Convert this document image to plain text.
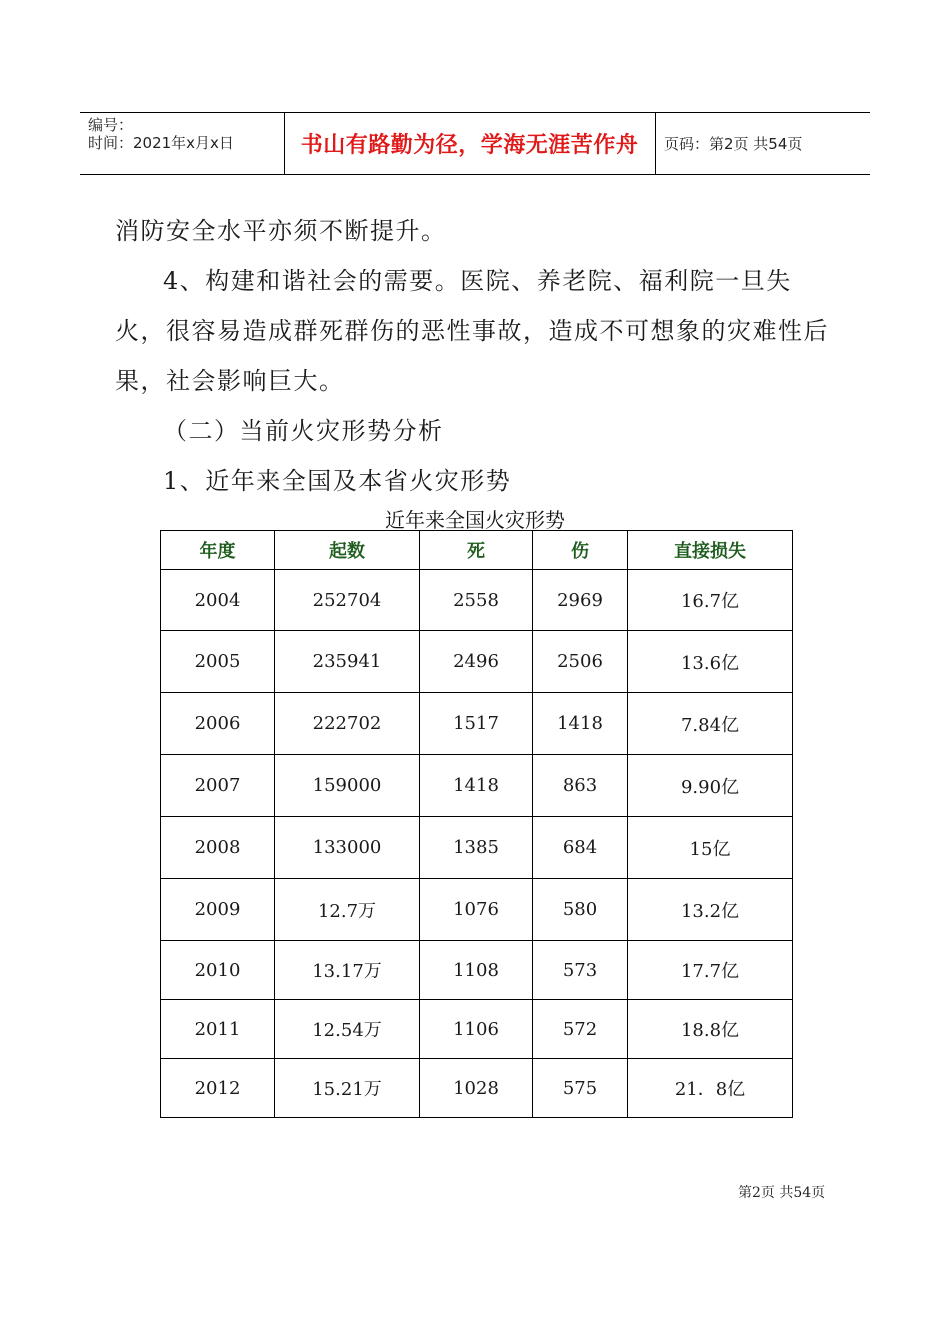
编号：
时间：2021年x月x日	书山有路勤为径，学海无涯苦作舟	页码：第2页 共54页
消防安全水平亦须不断提升。
4、构建和谐社会的需要。医院、养老院、福利院一旦失火，很容易造成群死群伤的恶性事故，造成不可想象的灾难性后果，社会影响巨大。
（二）当前火灾形势分析
1、近年来全国及本省火灾形势
近年来全国火灾形势
年度	起数	死	伤	直接损失
2004	252704	2558	2969	16.7亿
2005	235941	2496	2506	13.6亿
2006	222702	1517	1418	7.84亿
2007	159000	1418	863	9.90亿
2008	133000	1385	684	15亿
2009	12.7万	1076	580	13.2亿
2010	13.17万	1108	573	17.7亿
2011	12.54万	1106	572	18.8亿
2012	15.21万	1028	575	21．8亿
第2页 共54页
